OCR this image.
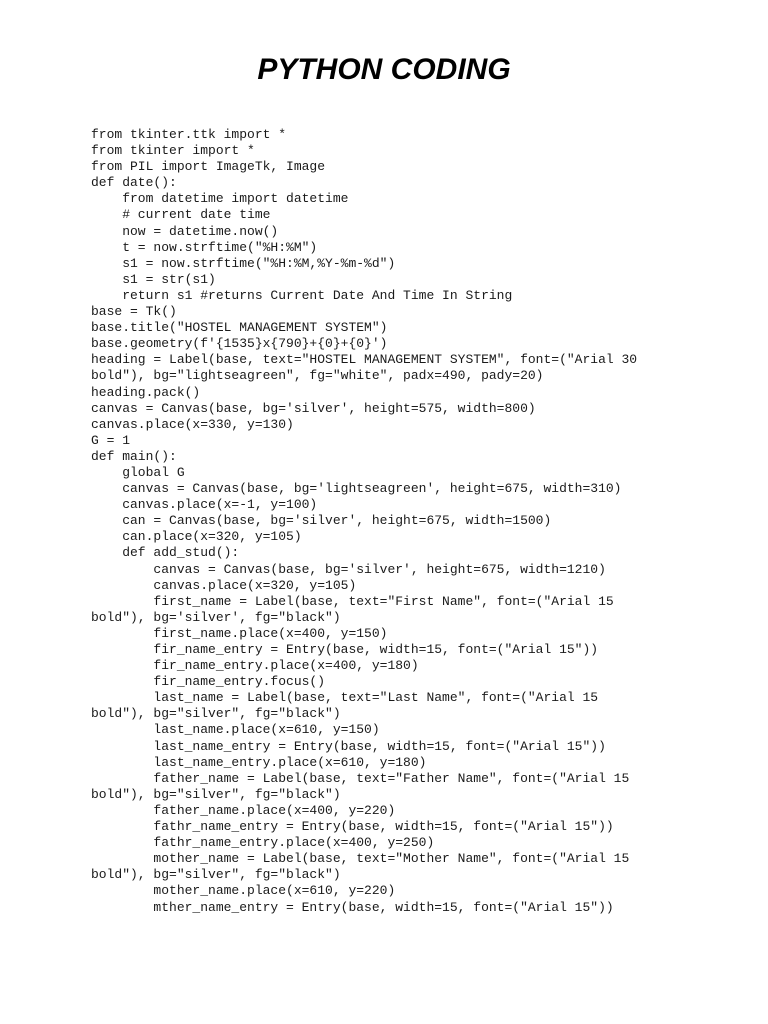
PYTHON CODING
from tkinter.ttk import *
from tkinter import *
from PIL import ImageTk, Image
def date():
from datetime import datetime
# current date time
now = datetime.now()
t = now.strftime("%H:%M")
s1 = now.strftime("%H:%M,%Y-%m-%d")
s1 = str(s1)
return s1 #returns Current Date And Time In String
base = Tk()
base.title("HOSTEL MANAGEMENT SYSTEM")
base.geometry(f'{1535}x{790}+{0}+{0}')
heading = Label(base, text="HOSTEL MANAGEMENT SYSTEM", font=("Arial 30
bold"), bg="lightseagreen", fg="white", padx=490, pady=20)
heading.pack()
canvas = Canvas(base, bg='silver', height=575, width=800)
canvas.place(x=330, y=130)
G = 1
def main():
global G
canvas = Canvas(base, bg='lightseagreen', height=675, width=310)
canvas.place(x=-1, y=100)
can = Canvas(base, bg='silver', height=675, width=1500)
can.place(x=320, y=105)
def add_stud():
canvas = Canvas(base, bg='silver', height=675, width=1210)
canvas.place(x=320, y=105)
first_name = Label(base, text="First Name", font=("Arial 15
bold"), bg='silver', fg="black")
first_name.place(x=400, y=150)
fir_name_entry = Entry(base, width=15, font=("Arial 15"))
fir_name_entry.place(x=400, y=180)
fir_name_entry.focus()
last_name = Label(base, text="Last Name", font=("Arial 15
bold"), bg="silver", fg="black")
last_name.place(x=610, y=150)
last_name_entry = Entry(base, width=15, font=("Arial 15"))
last_name_entry.place(x=610, y=180)
father_name = Label(base, text="Father Name", font=("Arial 15
bold"), bg="silver", fg="black")
father_name.place(x=400, y=220)
fathr_name_entry = Entry(base, width=15, font=("Arial 15"))
fathr_name_entry.place(x=400, y=250)
mother_name = Label(base, text="Mother Name", font=("Arial 15
bold"), bg="silver", fg="black")
mother_name.place(x=610, y=220)
mther_name_entry = Entry(base, width=15, font=("Arial 15"))
